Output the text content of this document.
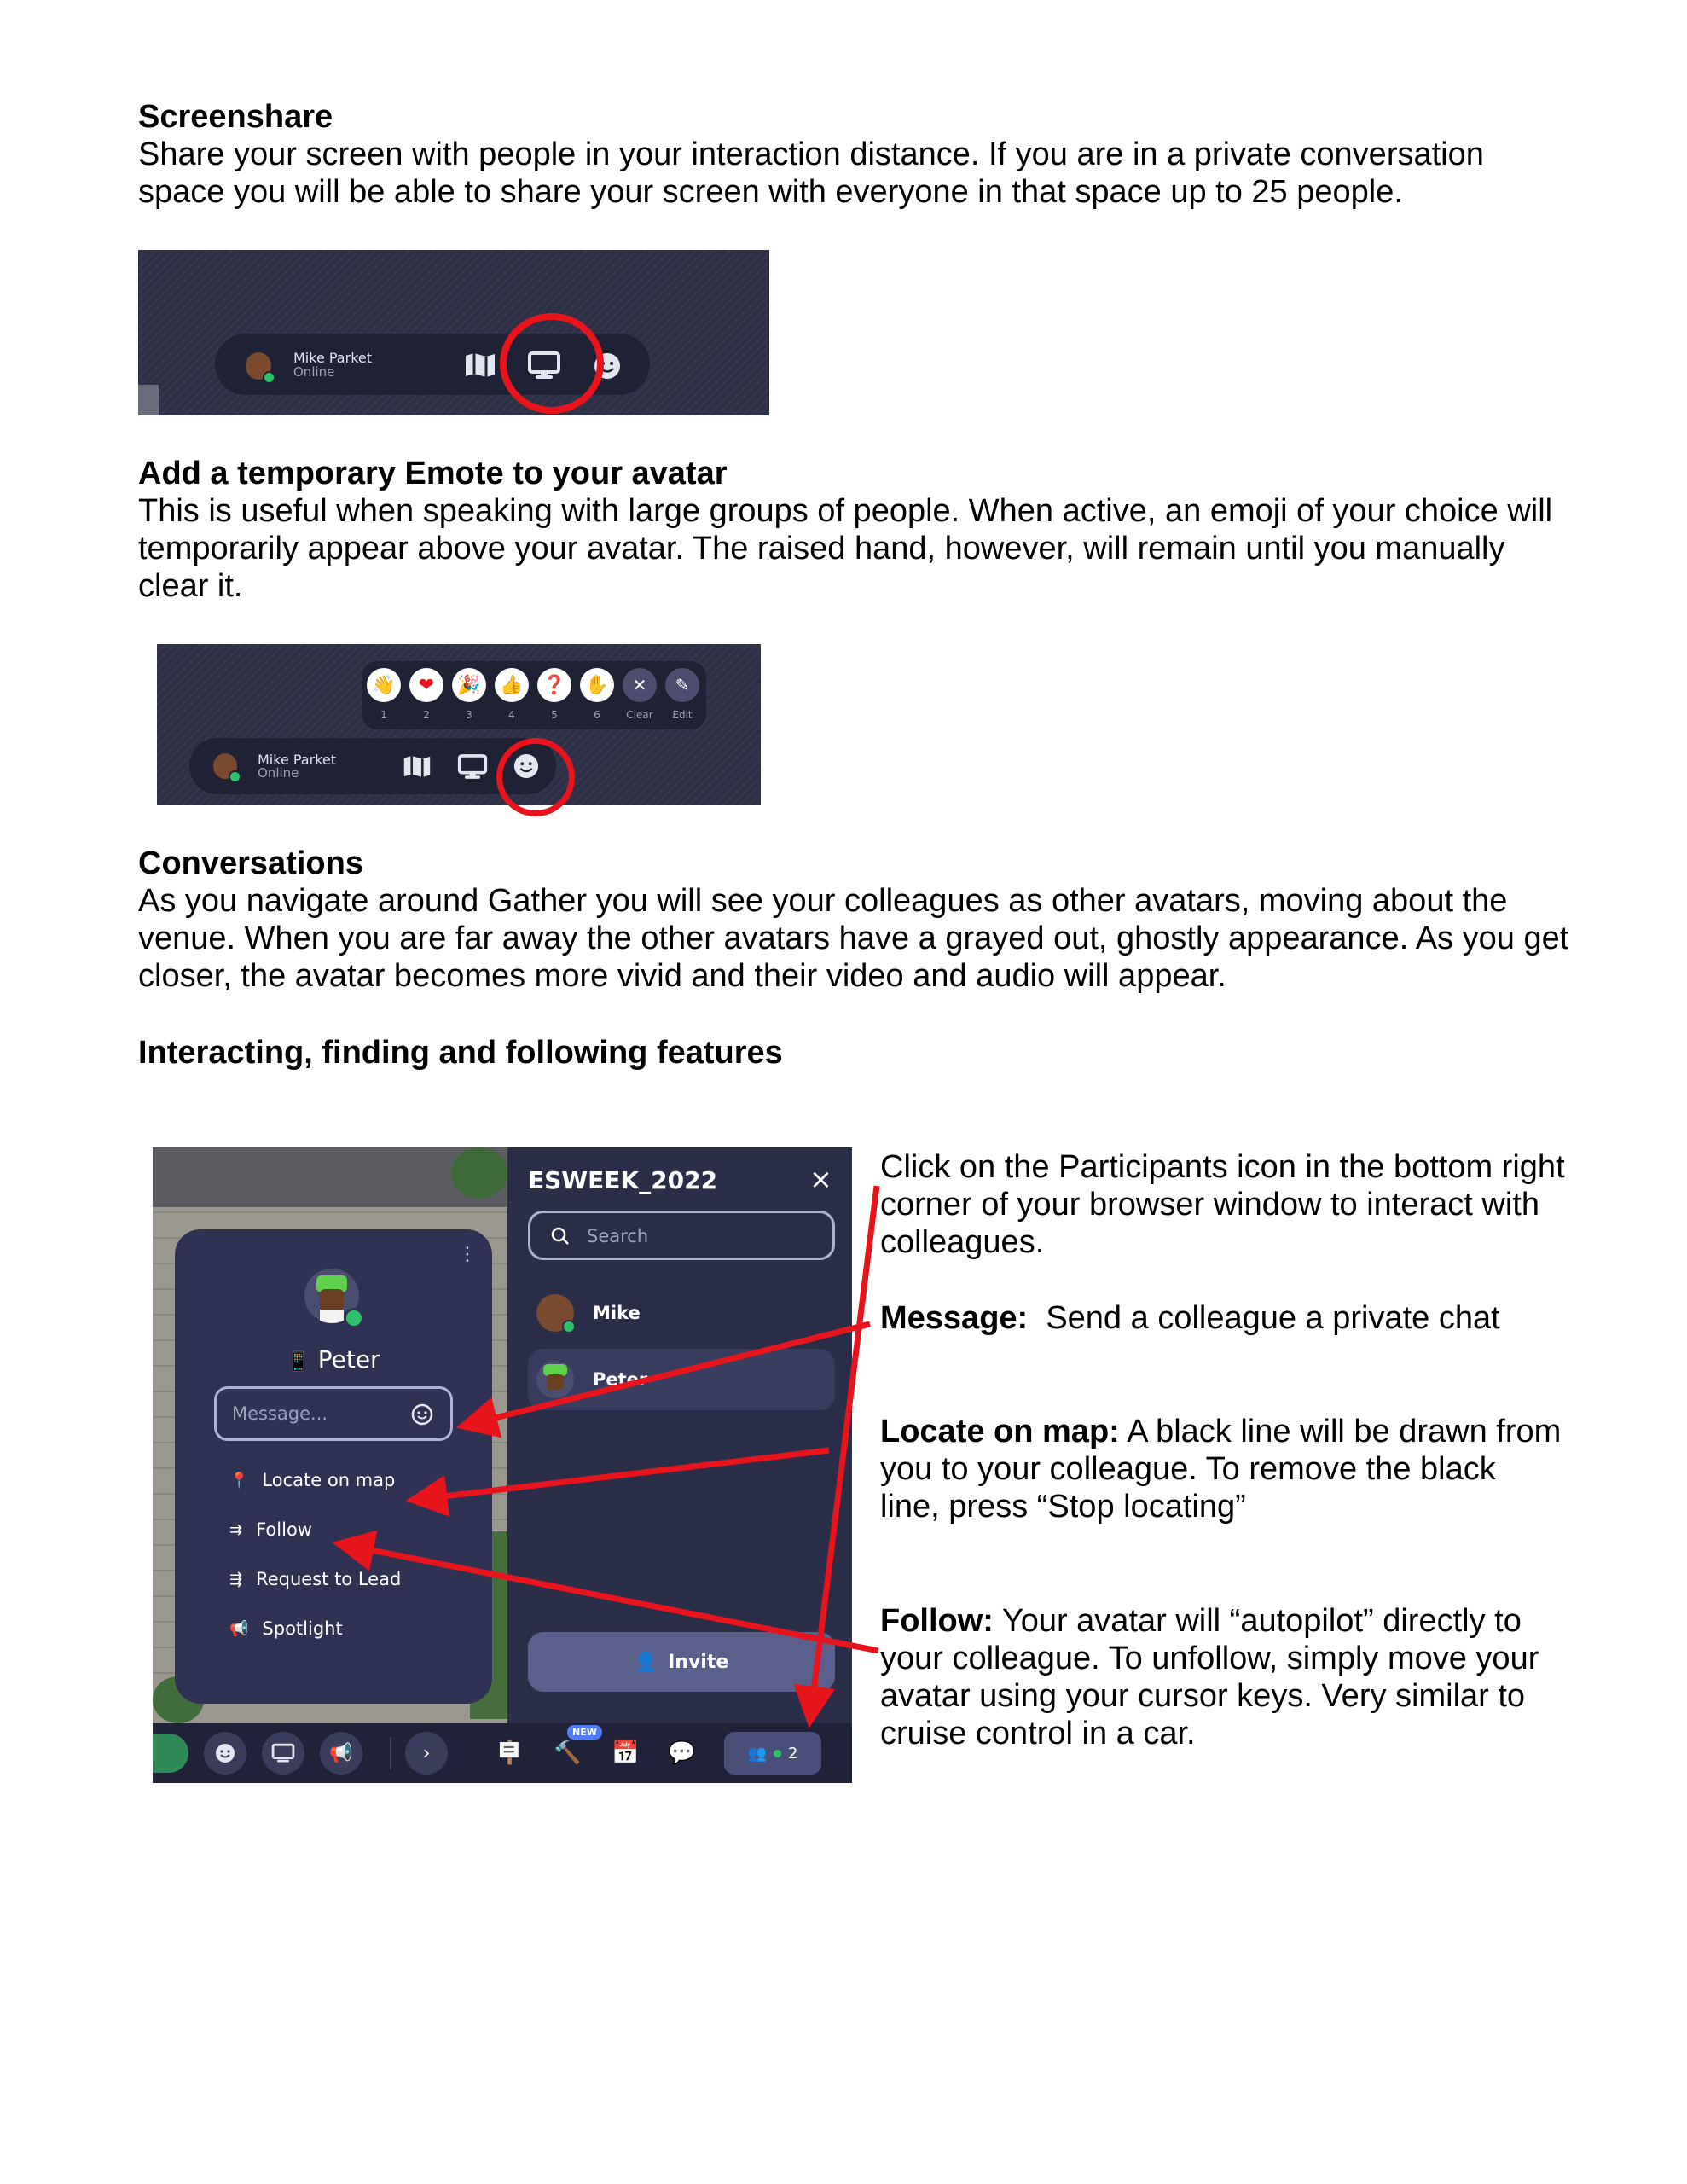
Screenshare
Share your screen with people in your interaction distance. If you are in a private conversation
space you will be able to share your screen with everyone in that space up to 25 people.
Mike Parket
Online
Add a temporary Emote to your avatar
This is useful when speaking with large groups of people. When active, an emoji of your choice will
temporarily appear above your avatar. The raised hand, however, will remain until you manually
clear it.
👋
1
❤
2
🎉
3
👍
4
❓
5
✋
6
✕
Clear
✎
Edit
Mike Parket
Online
Conversations
As you navigate around Gather you will see your colleagues as other avatars, moving about the
venue. When you are far away the other avatars have a grayed out, ghostly appearance. As you get
closer, the avatar becomes more vivid and their video and audio will appear.
Interacting, finding and following features
⋮
📱 Peter
Message...
📍 Locate on map
⇉ Follow
⇶ Request to Lead
📢 Spotlight
ESWEEK_2022	×
Search
Mike
Peter
👤 Invite
📢	›	🪧 🔨
NEW
📅 💬	👥 2
Click on the Participants icon in the bottom right
corner of your browser window to interact with
colleagues.
Message:  Send a colleague a private chat
Locate on map: A black line will be drawn from
you to your colleague. To remove the black
line, press “Stop locating”
Follow: Your avatar will “autopilot” directly to
your colleague. To unfollow, simply move your
avatar using your cursor keys. Very similar to
cruise control in a car.
